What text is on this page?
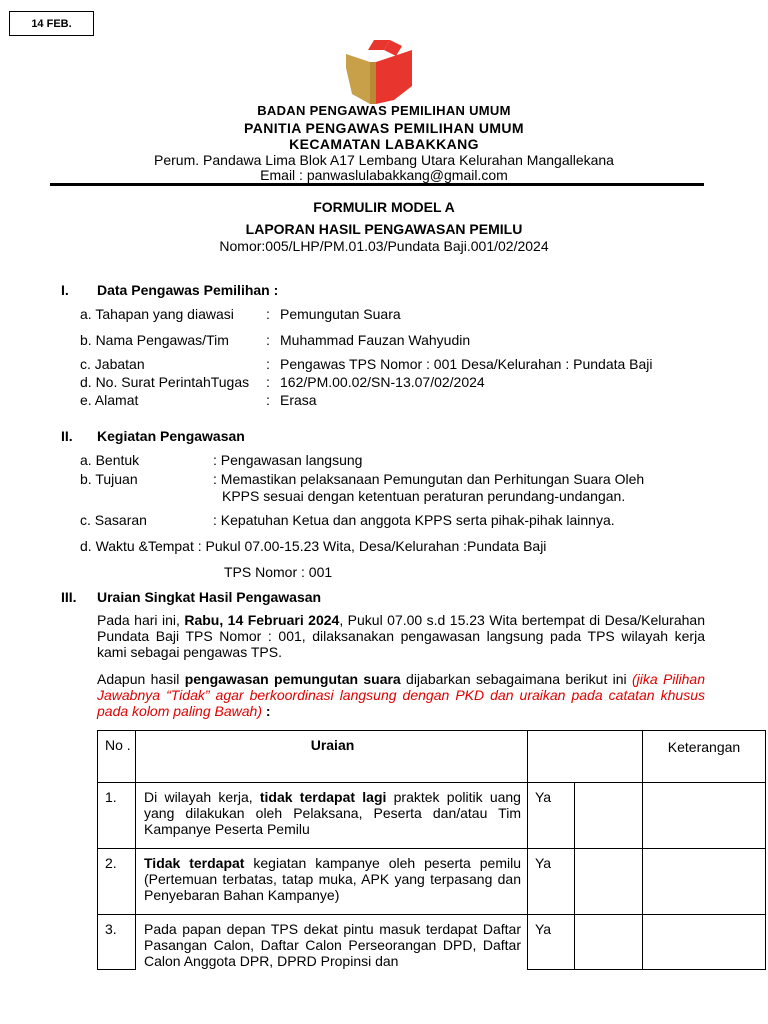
14 FEB.
BADAN PENGAWAS PEMILIHAN UMUM
PANITIA PENGAWAS PEMILIHAN UMUM
KECAMATAN LABAKKANG
Perum. Pandawa Lima Blok A17 Lembang Utara Kelurahan Mangallekana
Email : panwaslulabakkang@gmail.com
FORMULIR MODEL A
LAPORAN HASIL PENGAWASAN PEMILU
Nomor:005/LHP/PM.01.03/Pundata Baji.001/02/2024
I. Data Pengawas Pemilihan :
a. Tahapan yang diawasi : Pemungutan Suara
b. Nama Pengawas/Tim	: Muhammad Fauzan Wahyudin
c. Jabatan	: Pengawas TPS Nomor : 001 Desa/Kelurahan : Pundata Baji
d. No. Surat PerintahTugas : 162/PM.00.02/SN-13.07/02/2024
e. Alamat	: Erasa
II. Kegiatan Pengawasan
a. Bentuk	: Pengawasan langsung
b. Tujuan	: Memastikan pelaksanaan Pemungutan dan Perhitungan Suara Oleh
KPPS sesuai dengan ketentuan peraturan perundang-undangan.
c. Sasaran	: Kepatuhan Ketua dan anggota KPPS serta pihak-pihak lainnya.
d. Waktu &Tempat : Pukul 07.00-15.23 Wita, Desa/Kelurahan :Pundata Baji
TPS Nomor : 001
III. Uraian Singkat Hasil Pengawasan
Pada hari ini, Rabu, 14 Februari 2024, Pukul 07.00 s.d 15.23 Wita bertempat di Desa/Kelurahan Pundata Baji TPS Nomor : 001, dilaksanakan pengawasan langsung pada TPS wilayah kerja kami sebagai pengawas TPS.
Adapun hasil pengawasan pemungutan suara dijabarkan sebagaimana berikut ini (jika Pilihan Jawabnya “Tidak” agar berkoordinasi langsung dengan PKD dan uraikan pada catatan khusus pada kolom paling Bawah) :
No .	Uraian			Keterangan
1.	Di wilayah kerja, tidak terdapat lagi praktek politik uang yang dilakukan oleh Pelaksana, Peserta dan/atau Tim Kampanye Peserta Pemilu	Ya		
2.	Tidak terdapat kegiatan kampanye oleh peserta pemilu (Pertemuan terbatas, tatap muka, APK yang terpasang dan Penyebaran Bahan Kampanye)	Ya		
3.	Pada papan depan TPS dekat pintu masuk terdapat Daftar Pasangan Calon, Daftar Calon Perseorangan DPD, Daftar Calon Anggota DPR, DPRD Propinsi dan	Ya		
